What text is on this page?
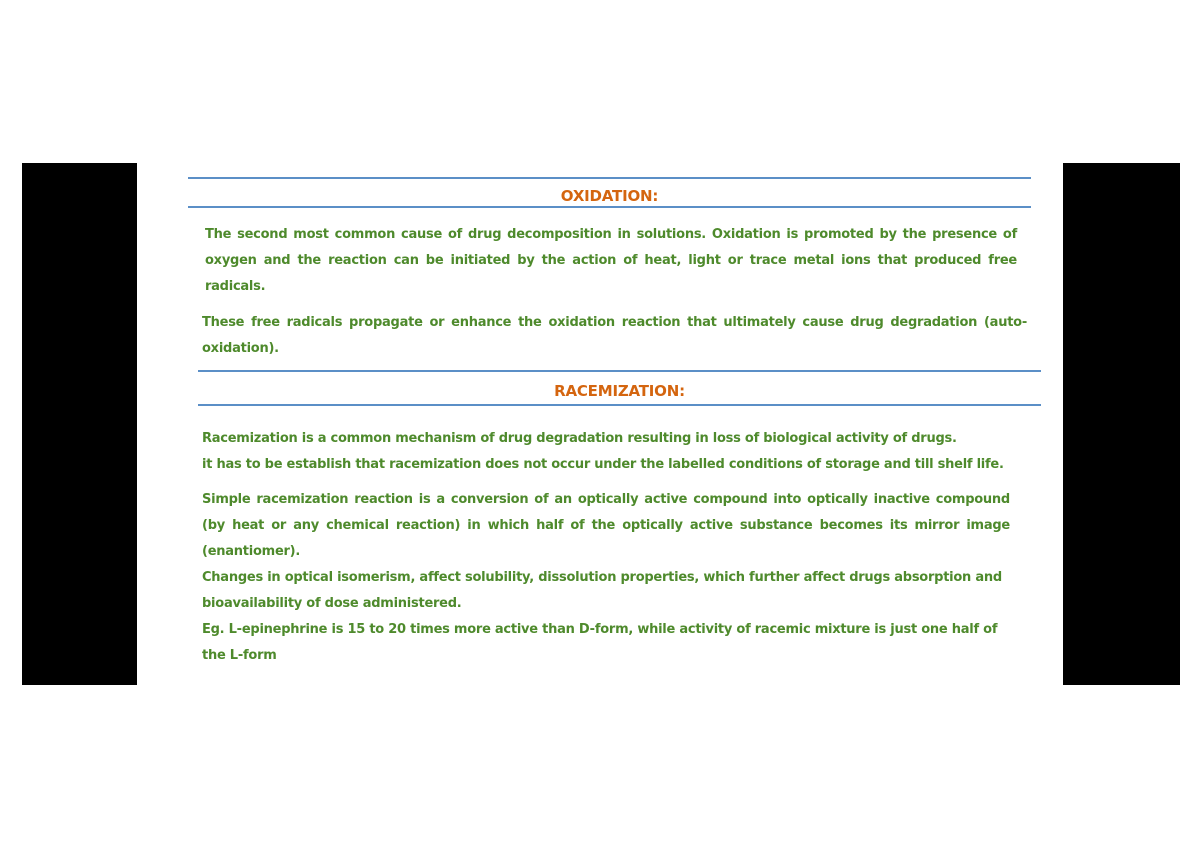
OXIDATION:

The second most common cause of drug decomposition in solutions. Oxidation is promoted by the presence of oxygen and the reaction can be initiated by the action of heat, light or trace metal ions that produced free radicals.

These free radicals propagate or enhance the oxidation reaction that ultimately cause drug degradation (auto-oxidation).

RACEMIZATION:

Racemization is a common mechanism of drug degradation resulting in loss of biological activity of drugs.

it has to be establish that racemization does not occur under the labelled conditions of storage and till shelf life.

Simple racemization reaction is a conversion of an optically active compound into optically inactive compound (by heat or any chemical reaction) in which half of the optically active substance becomes its mirror image (enantiomer).

Changes in optical isomerism, affect solubility, dissolution properties, which further affect drugs absorption and bioavailability of dose administered.

Eg. L-epinephrine is 15 to 20 times more active than D-form, while activity of racemic mixture is just one half of the L-form
